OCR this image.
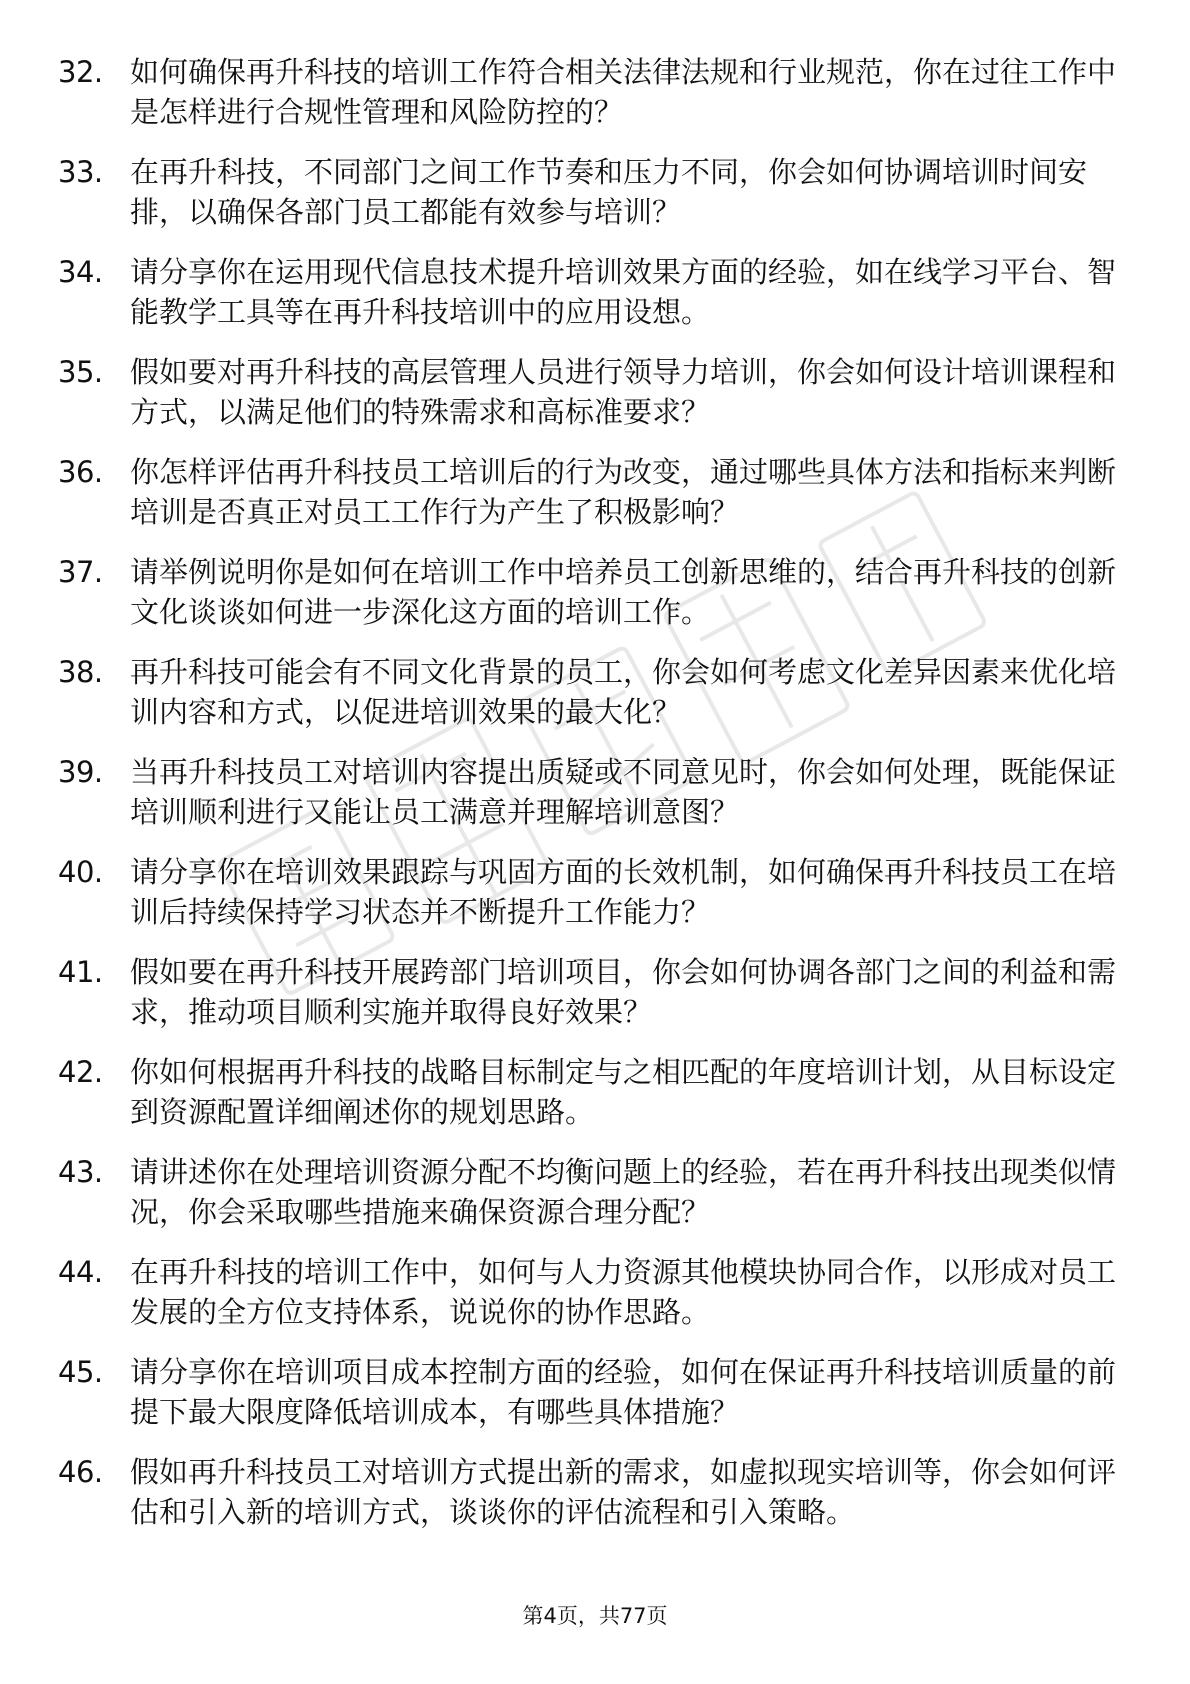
32. 如何确保再升科技的培训工作符合相关法律法规和行业规范，你在过往工作中是怎样进行合规性管理和风险防控的？
33. 在再升科技，不同部门之间工作节奏和压力不同，你会如何协调培训时间安排，以确保各部门员工都能有效参与培训？
34. 请分享你在运用现代信息技术提升培训效果方面的经验，如在线学习平台、智能教学工具等在再升科技培训中的应用设想。
35. 假如要对再升科技的高层管理人员进行领导力培训，你会如何设计培训课程和方式，以满足他们的特殊需求和高标准要求？
36. 你怎样评估再升科技员工培训后的行为改变，通过哪些具体方法和指标来判断培训是否真正对员工工作行为产生了积极影响？
37. 请举例说明你是如何在培训工作中培养员工创新思维的，结合再升科技的创新文化谈谈如何进一步深化这方面的培训工作。
38. 再升科技可能会有不同文化背景的员工，你会如何考虑文化差异因素来优化培训内容和方式，以促进培训效果的最大化？
39. 当再升科技员工对培训内容提出质疑或不同意见时，你会如何处理，既能保证培训顺利进行又能让员工满意并理解培训意图？
40. 请分享你在培训效果跟踪与巩固方面的长效机制，如何确保再升科技员工在培训后持续保持学习状态并不断提升工作能力？
41. 假如要在再升科技开展跨部门培训项目，你会如何协调各部门之间的利益和需求，推动项目顺利实施并取得良好效果？
42. 你如何根据再升科技的战略目标制定与之相匹配的年度培训计划，从目标设定到资源配置详细阐述你的规划思路。
43. 请讲述你在处理培训资源分配不均衡问题上的经验，若在再升科技出现类似情况，你会采取哪些措施来确保资源合理分配？
44. 在再升科技的培训工作中，如何与人力资源其他模块协同合作，以形成对员工发展的全方位支持体系，说说你的协作思路。
45. 请分享你在培训项目成本控制方面的经验，如何在保证再升科技培训质量的前提下最大限度降低培训成本，有哪些具体措施？
46. 假如再升科技员工对培训方式提出新的需求，如虚拟现实培训等，你会如何评估和引入新的培训方式，谈谈你的评估流程和引入策略。
第4页，共77页
